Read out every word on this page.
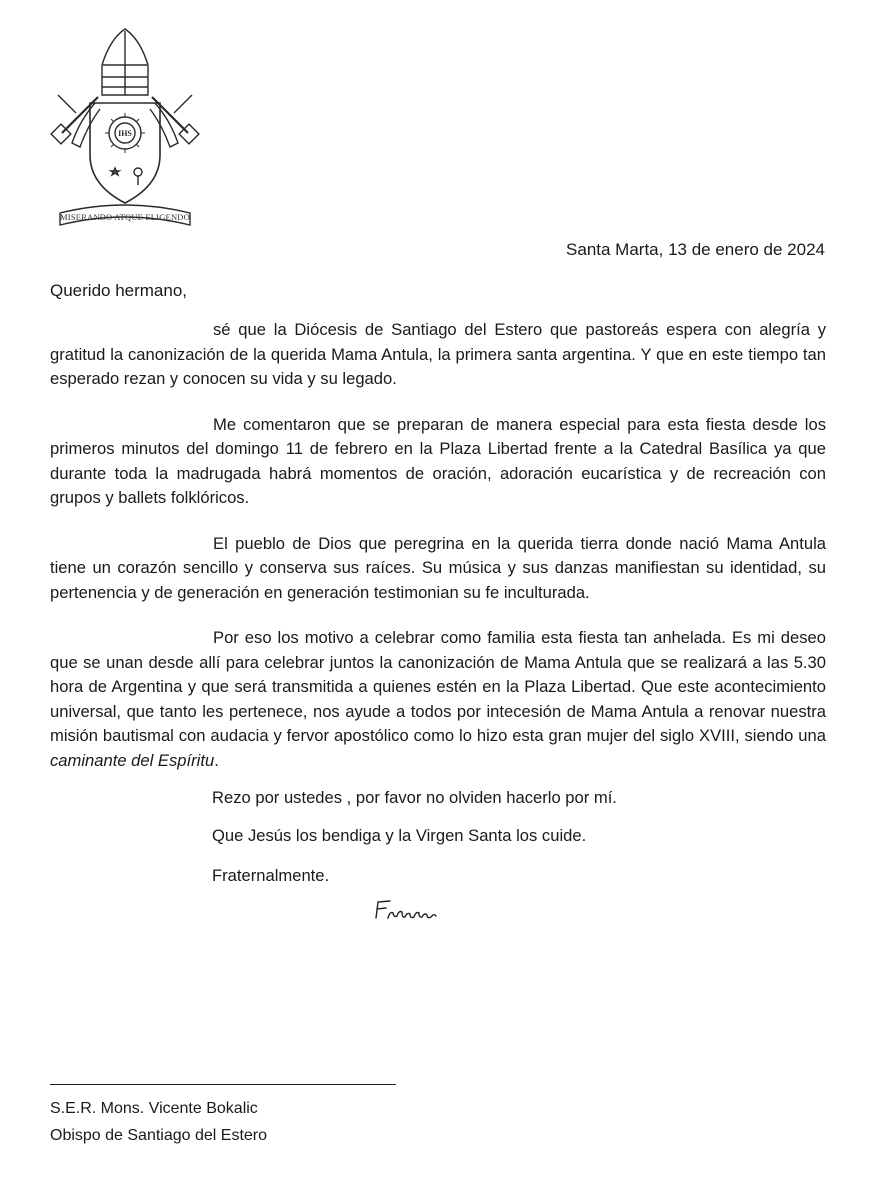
IHS
MISERANDO ATQUE ELIGENDO
Santa Marta, 13 de enero de 2024
Querido hermano,

sé que la Diócesis de Santiago del Estero que pastoreás espera con alegría y gratitud la canonización de la querida Mama Antula, la primera santa argentina. Y que en este tiempo tan esperado rezan y conocen su vida y su legado.

Me comentaron que se preparan de manera especial para esta fiesta desde los primeros minutos del domingo 11 de febrero en la Plaza Libertad frente a la Catedral Basílica ya que durante toda la madrugada habrá momentos de oración, adoración eucarística y de recreación con grupos y ballets folklóricos.

El pueblo de Dios que peregrina en la querida tierra donde nació Mama Antula tiene un corazón sencillo y conserva sus raíces. Su música y sus danzas manifiestan su identidad, su pertenencia y de generación en generación testimonian su fe inculturada.

Por eso los motivo a celebrar como familia esta fiesta tan anhelada. Es mi deseo que se unan desde allí para celebrar juntos la canonización de Mama Antula que se realizará a las 5.30 hora de Argentina y que será transmitida a quienes estén en la Plaza Libertad. Que este acontecimiento universal, que tanto les pertenece, nos ayude a todos por intecesión de Mama Antula a renovar nuestra misión bautismal con audacia y fervor apostólico como lo hizo esta gran mujer del siglo XVIII, siendo una caminante del Espíritu.

Rezo por ustedes , por favor no olviden hacerlo por mí.
Que Jesús los bendiga y la Virgen Santa los cuide.
Fraternalmente.
S.E.R. Mons. Vicente Bokalic
Obispo de Santiago del Estero
